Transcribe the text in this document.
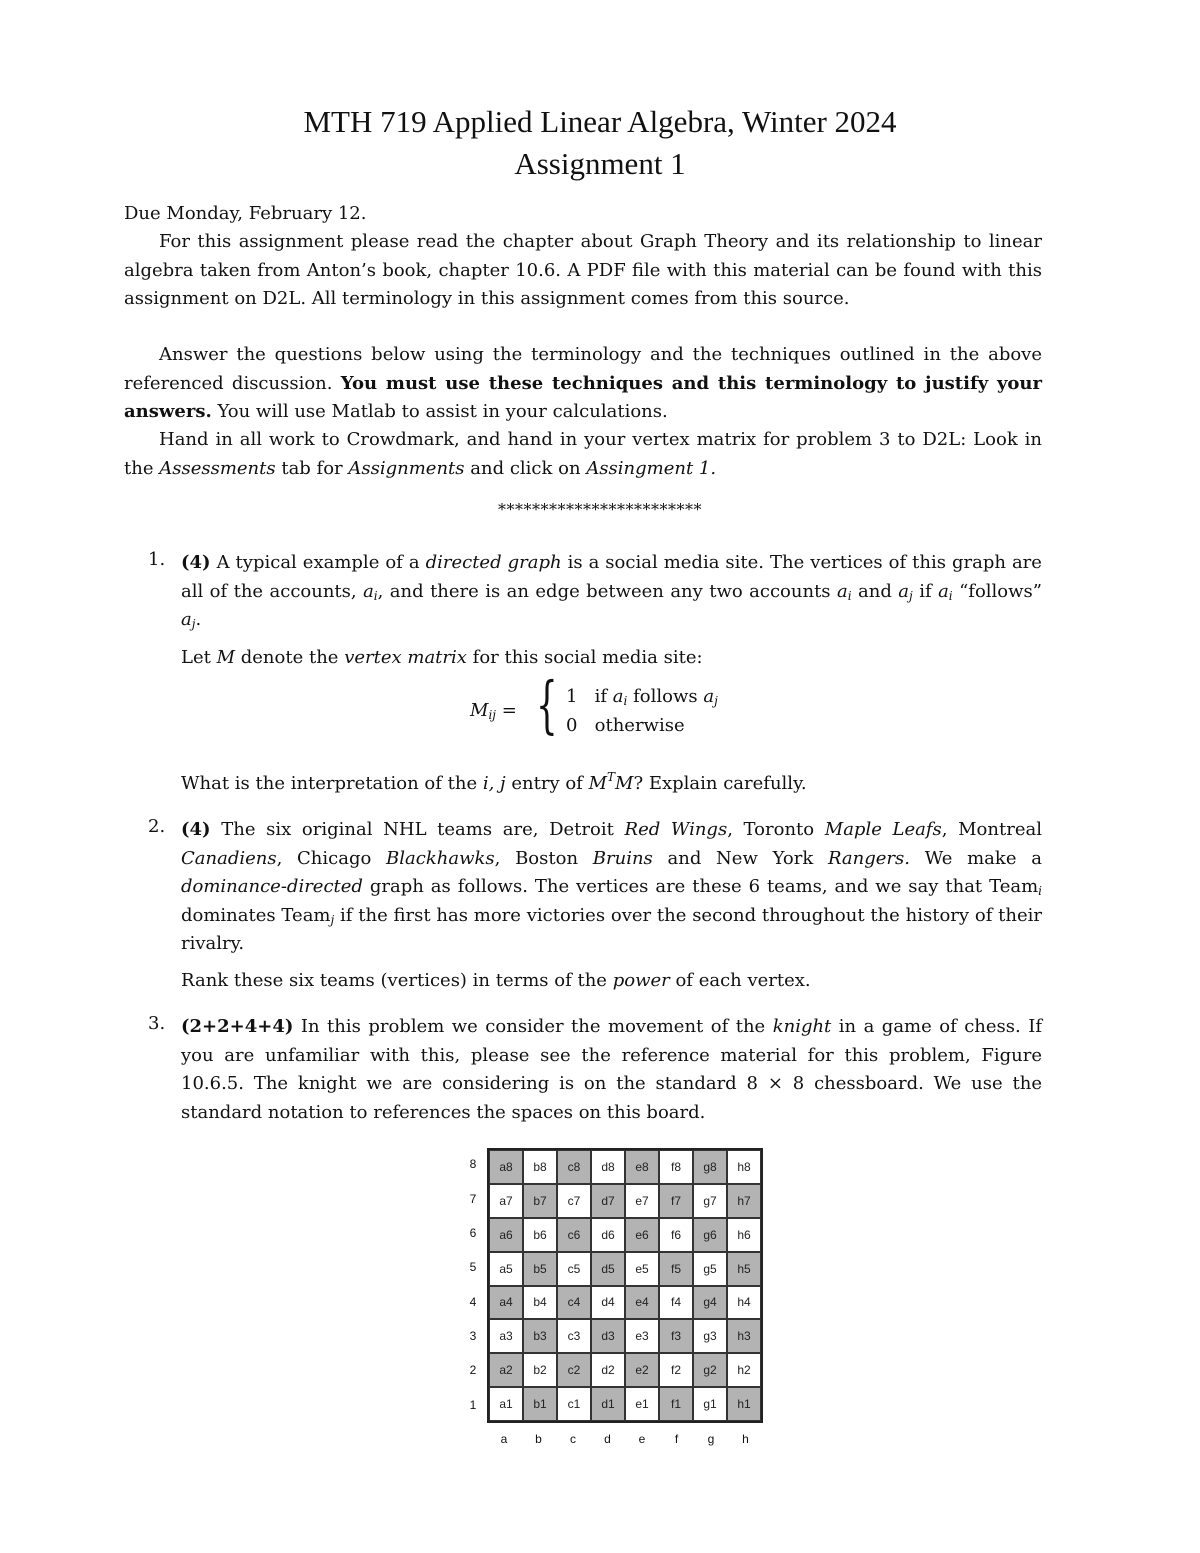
MTH 719 Applied Linear Algebra, Winter 2024
Assignment 1
Due Monday, February 12.
For this assignment please read the chapter about Graph Theory and its relationship to linear algebra taken from Anton’s book, chapter 10.6. A PDF file with this material can be found with this assignment on D2L. All terminology in this assignment comes from this source.
Answer the questions below using the terminology and the techniques outlined in the above referenced discussion. You must use these techniques and this terminology to justify your answers. You will use Matlab to assist in your calculations.
Hand in all work to Crowdmark, and hand in your vertex matrix for problem 3 to D2L: Look in the Assessments tab for Assignments and click on Assingment 1.
************************
1. (4) A typical example of a directed graph is a social media site. The vertices of this graph are all of the accounts, $a_i$, and there is an edge between any two accounts $a_i$ and $a_j$ if $a_i$ “follows” $a_j$.
Let M denote the vertex matrix for this social media site:
$M_{ij}$ = { 1 if $a_i$ follows $a_j$
0 otherwise
What is the interpretation of the i, j entry of $M^TM$? Explain carefully.
2. (4) The six original NHL teams are, Detroit Red Wings, Toronto Maple Leafs, Montreal Canadiens, Chicago Blackhawks, Boston Bruins and New York Rangers. We make a dominance-directed graph as follows. The vertices are these 6 teams, and we say that Team$_i$ dominates Team$_j$ if the first has more victories over the second throughout the history of their rivalry.
Rank these six teams (vertices) in terms of the power of each vertex.
3. (2+2+4+4) In this problem we consider the movement of the knight in a game of chess. If you are unfamiliar with this, please see the reference material for this problem, Figure 10.6.5. The knight we are considering is on the standard 8 × 8 chessboard. We use the standard notation to references the spaces on this board.
a8	b8	c8	d8	e8	f8	g8	h8
a7	b7	c7	d7	e7	f7	g7	h7
a6	b6	c6	d6	e6	f6	g6	h6
a5	b5	c5	d5	e5	f5	g5	h5
a4	b4	c4	d4	e4	f4	g4	h4
a3	b3	c3	d3	e3	f3	g3	h3
a2	b2	c2	d2	e2	f2	g2	h2
a1	b1	c1	d1	e1	f1	g1	h1
8
7
6
5
4
3
2
1
a	b	c	d	e	f	g	h
